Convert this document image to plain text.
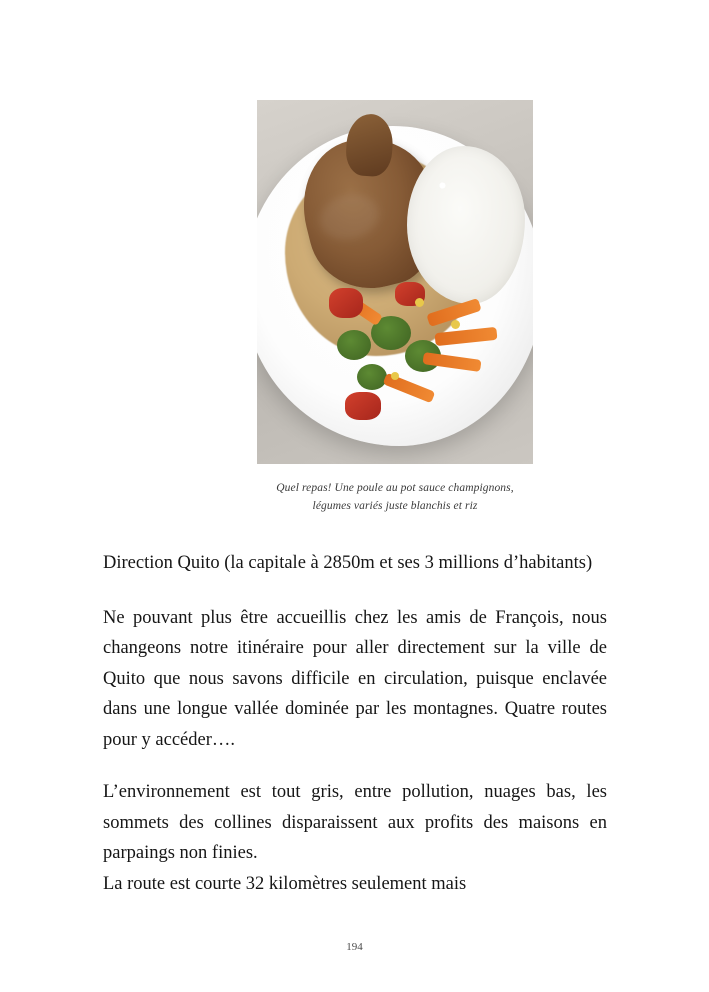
Quel repas! Une poule au pot sauce champignons, légumes variés juste blanchis et riz

Direction Quito (la capitale à 2850m et ses 3 millions d’habitants)

Ne pouvant plus être accueillis chez les amis de François, nous changeons notre itinéraire pour aller directement sur la ville de Quito que nous savons difficile en circulation, puisque enclavée dans une longue vallée dominée par les montagnes. Quatre routes pour y accéder….

L’environnement est tout gris, entre pollution, nuages bas, les sommets des collines disparaissent aux profits des maisons en parpaings non finies.

La route est courte 32 kilomètres seulement mais

194
